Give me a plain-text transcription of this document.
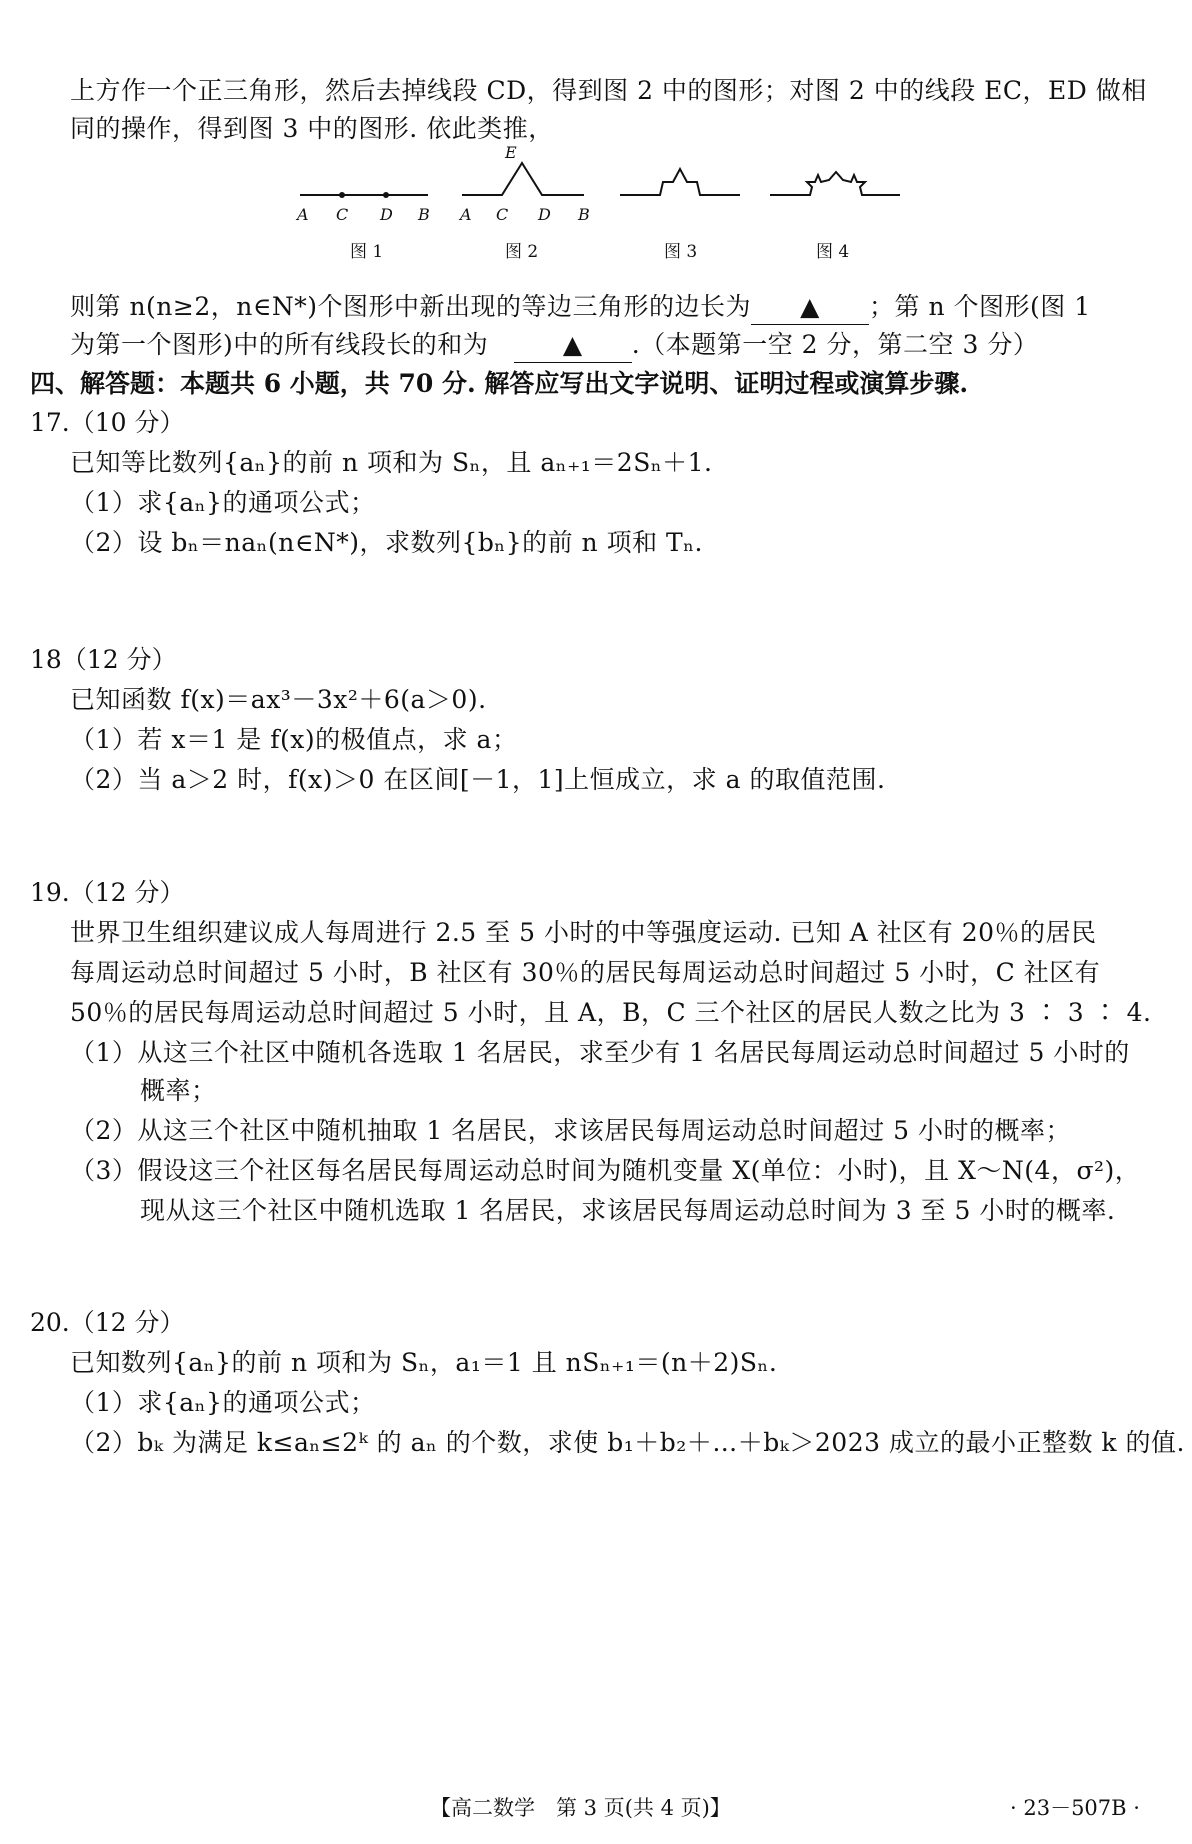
上方作一个正三角形，然后去掉线段 CD，得到图 2 中的图形；对图 2 中的线段 EC，ED 做相
同的操作，得到图 3 中的图形. 依此类推，
A C D B A C D B
E
图 1	图 2	图 3	图 4
则第 n(n≥2，n∈N*)个图形中新出现的等边三角形的边长为 ▲ ；第 n 个图形(图 1
为第一个图形)中的所有线段长的和为　	▲ .（本题第一空 2 分，第二空 3 分）
四、解答题：本题共 6 小题，共 70 分. 解答应写出文字说明、证明过程或演算步骤.
17.（10 分）
已知等比数列{aₙ}的前 n 项和为 Sₙ，且 aₙ₊₁＝2Sₙ＋1.
（1）求{aₙ}的通项公式；
（2）设 bₙ＝naₙ(n∈N*)，求数列{bₙ}的前 n 项和 Tₙ.
18（12 分）
已知函数 f(x)＝ax³－3x²＋6(a＞0).
（1）若 x＝1 是 f(x)的极值点，求 a；
（2）当 a＞2 时，f(x)＞0 在区间[－1，1]上恒成立，求 a 的取值范围.
19.（12 分）
世界卫生组织建议成人每周进行 2.5 至 5 小时的中等强度运动. 已知 A 社区有 20％的居民
每周运动总时间超过 5 小时，B 社区有 30％的居民每周运动总时间超过 5 小时，C 社区有
50％的居民每周运动总时间超过 5 小时，且 A，B，C 三个社区的居民人数之比为 3 ∶ 3 ∶ 4.
（1）从这三个社区中随机各选取 1 名居民，求至少有 1 名居民每周运动总时间超过 5 小时的
概率；
（2）从这三个社区中随机抽取 1 名居民，求该居民每周运动总时间超过 5 小时的概率；
（3）假设这三个社区每名居民每周运动总时间为随机变量 X(单位：小时)，且 X～N(4，σ²)，
现从这三个社区中随机选取 1 名居民，求该居民每周运动总时间为 3 至 5 小时的概率.
20.（12 分）
已知数列{aₙ}的前 n 项和为 Sₙ，a₁＝1 且 nSₙ₊₁＝(n＋2)Sₙ.
（1）求{aₙ}的通项公式；
（2）bₖ 为满足 k≤aₙ≤2ᵏ 的 aₙ 的个数，求使 b₁＋b₂＋…＋bₖ＞2023 成立的最小正整数 k 的值.
【高二数学　第 3 页(共 4 页)】	· 23－507B ·
